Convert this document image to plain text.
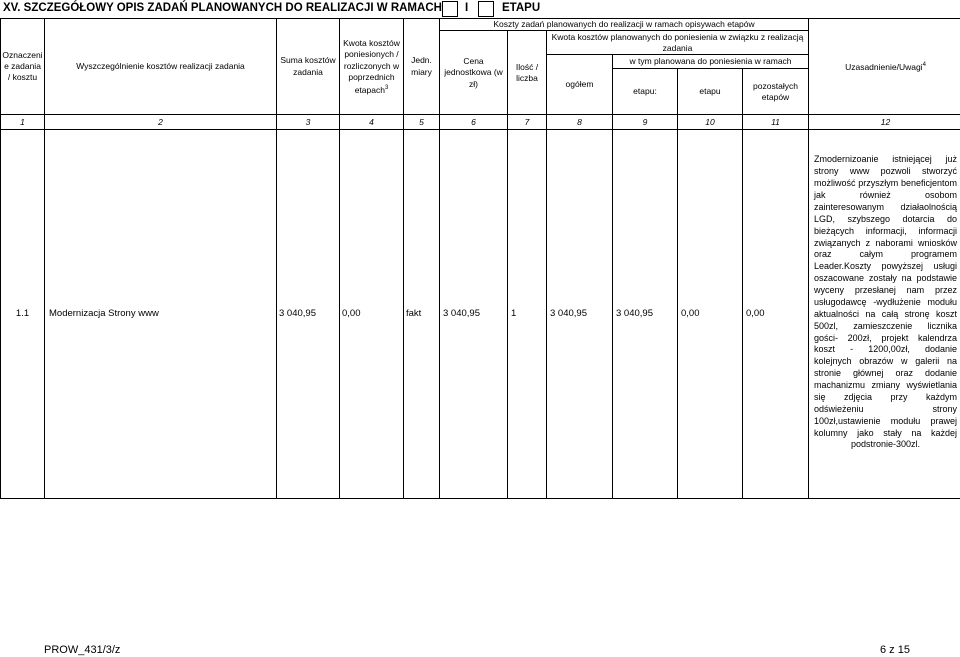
XV. SZCZEGÓŁOWY OPIS ZADAŃ PLANOWANYCH DO REALIZACJI W RAMACH I	ETAPU
Oznaczeni e zadania / kosztu	Wyszczególnienie kosztów realizacji zadania	Suma kosztów zadania	Kwota kosztów poniesionych / rozliczonych w poprzednich etapach$^3$	Jedn. miary	Koszty zadań planowanych do realizacji w ramach opisywach etapów						Uzasadnienie/Uwagi$^4$
					Cena jednostkowa (w zł)	Ilość / liczba	Kwota kosztów planowanych do poniesienia w związku z realizacją zadania				
							ogółem	w tym planowana do poniesienia w ramach			
								etapu:	etapu	pozostałych etapów	

1	2	3	4	5	6	7	8	9	10	11	12
1.1	Modernizacja Strony www	3 040,95	0,00	fakt	3 040,95	1	3 040,95	3 040,95	0,00	0,00	Zmodernizoanie istniejącej już strony www pozwoli stworzyć możliwość przyszłym beneficjentom jak również osobom zainteresowanym działaolnością LGD, szybszego dotarcia do bieżących informacji, informacji związanych z naborami wniosków oraz całym programem Leader.Koszty powyższej usługi oszacowane zostały na podstawie wyceny przesłanej nam przez usługodawcę -wydłużenie modułu aktualności na całą stronę koszt 500zl, zamieszczenie licznika gości- 200zł, projekt kalendrza koszt - 1200,00zł, dodanie kolejnych obrazów w galerii na stronie głównej oraz dodanie machanizmu zmiany wyświetlania się zdjęcia przy każdym odświeżeniu strony 100zł,ustawienie modułu prawej kolumny jako stały na każdej podstronie-300zl.
PROW_431/3/z	6 z 15
